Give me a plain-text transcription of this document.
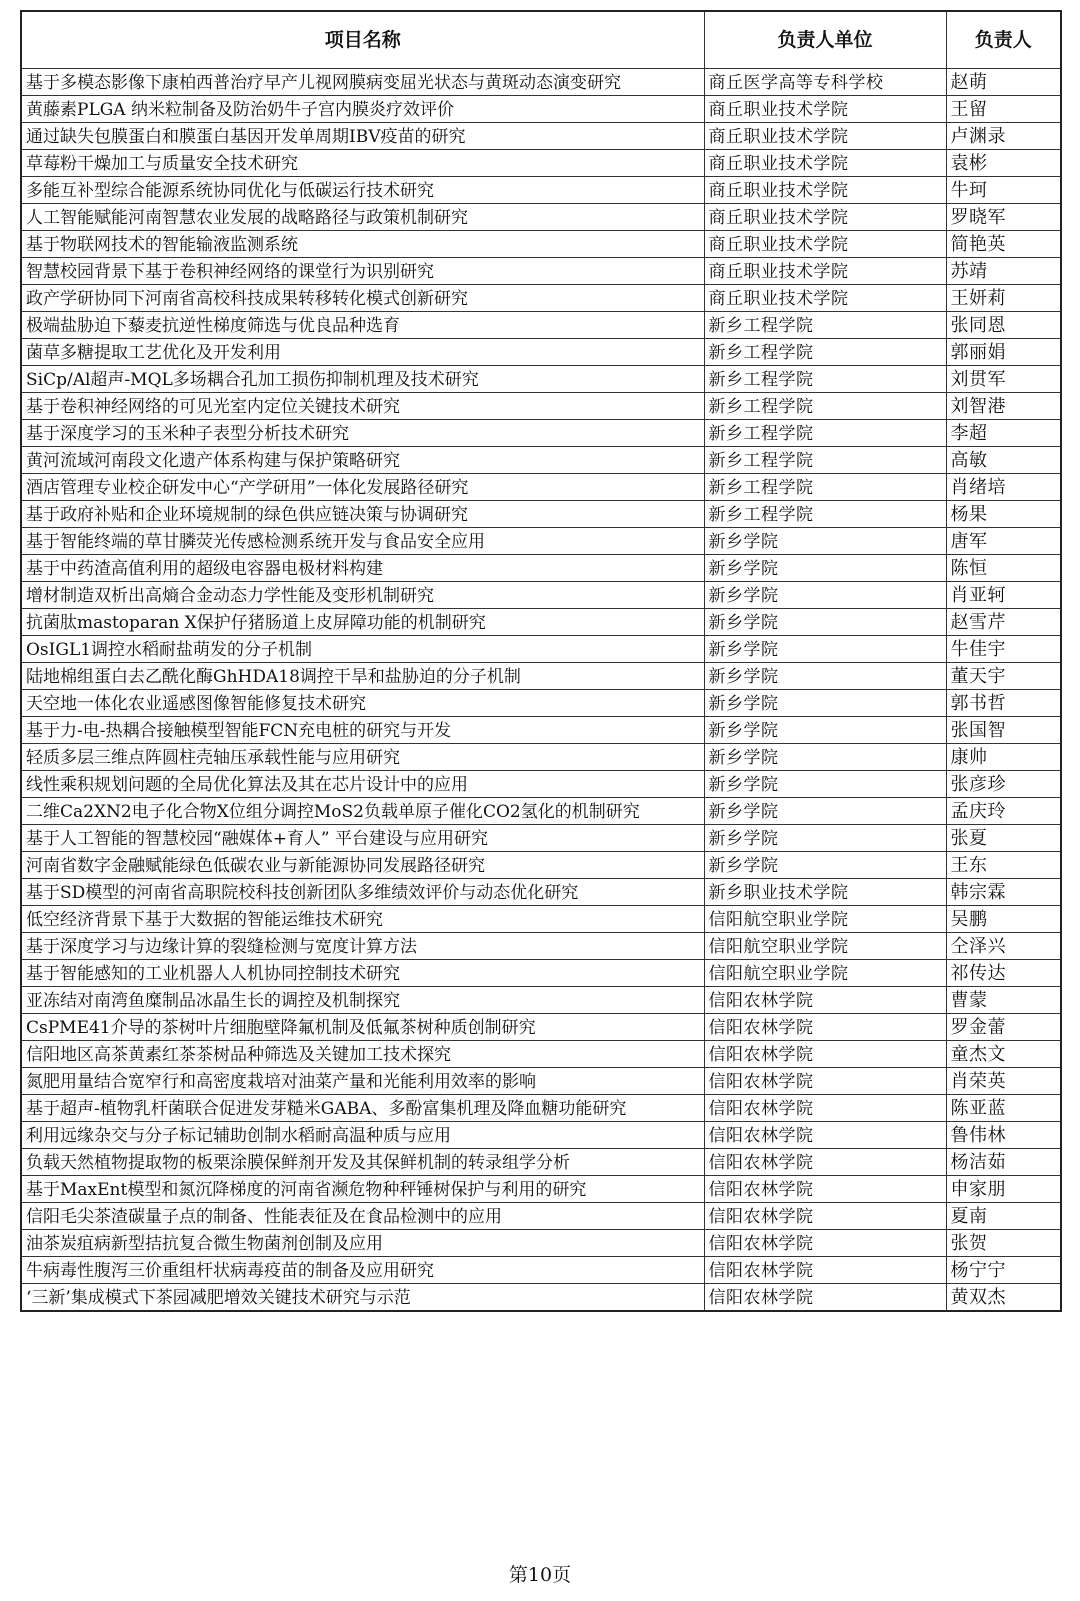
项目名称	负责人单位	负责人
基于多模态影像下康柏西普治疗早产儿视网膜病变屈光状态与黄斑动态演变研究	商丘医学高等专科学校	赵萌
黄藤素PLGA 纳米粒制备及防治奶牛子宫内膜炎疗效评价	商丘职业技术学院	王留
通过缺失包膜蛋白和膜蛋白基因开发单周期IBV疫苗的研究	商丘职业技术学院	卢渊录
草莓粉干燥加工与质量安全技术研究	商丘职业技术学院	袁彬
多能互补型综合能源系统协同优化与低碳运行技术研究	商丘职业技术学院	牛珂
人工智能赋能河南智慧农业发展的战略路径与政策机制研究	商丘职业技术学院	罗晓军
基于物联网技术的智能输液监测系统	商丘职业技术学院	简艳英
智慧校园背景下基于卷积神经网络的课堂行为识别研究	商丘职业技术学院	苏靖
政产学研协同下河南省高校科技成果转移转化模式创新研究	商丘职业技术学院	王妍莉
极端盐胁迫下藜麦抗逆性梯度筛选与优良品种选育	新乡工程学院	张同恩
菌草多糖提取工艺优化及开发利用	新乡工程学院	郭丽娟
SiCp/Al超声-MQL多场耦合孔加工损伤抑制机理及技术研究	新乡工程学院	刘贯军
基于卷积神经网络的可见光室内定位关键技术研究	新乡工程学院	刘智港
基于深度学习的玉米种子表型分析技术研究	新乡工程学院	李超
黄河流域河南段文化遗产体系构建与保护策略研究	新乡工程学院	高敏
酒店管理专业校企研发中心“产学研用”一体化发展路径研究	新乡工程学院	肖绪培
基于政府补贴和企业环境规制的绿色供应链决策与协调研究	新乡工程学院	杨果
基于智能终端的草甘膦荧光传感检测系统开发与食品安全应用	新乡学院	唐军
基于中药渣高值利用的超级电容器电极材料构建	新乡学院	陈恒
增材制造双析出高熵合金动态力学性能及变形机制研究	新乡学院	肖亚轲
抗菌肽mastoparan X保护仔猪肠道上皮屏障功能的机制研究	新乡学院	赵雪芹
OsIGL1调控水稻耐盐萌发的分子机制	新乡学院	牛佳宇
陆地棉组蛋白去乙酰化酶GhHDA18调控干旱和盐胁迫的分子机制	新乡学院	董天宇
天空地一体化农业遥感图像智能修复技术研究	新乡学院	郭书哲
基于力-电-热耦合接触模型智能FCN充电桩的研究与开发	新乡学院	张国智
轻质多层三维点阵圆柱壳轴压承载性能与应用研究	新乡学院	康帅
线性乘积规划问题的全局优化算法及其在芯片设计中的应用	新乡学院	张彦珍
二维Ca2XN2电子化合物X位组分调控MoS2负载单原子催化CO2氢化的机制研究	新乡学院	孟庆玲
基于人工智能的智慧校园“融媒体+育人” 平台建设与应用研究	新乡学院	张夏
河南省数字金融赋能绿色低碳农业与新能源协同发展路径研究	新乡学院	王东
基于SD模型的河南省高职院校科技创新团队多维绩效评价与动态优化研究	新乡职业技术学院	韩宗霖
低空经济背景下基于大数据的智能运维技术研究	信阳航空职业学院	吴鹏
基于深度学习与边缘计算的裂缝检测与宽度计算方法	信阳航空职业学院	仝泽兴
基于智能感知的工业机器人人机协同控制技术研究	信阳航空职业学院	祁传达
亚冻结对南湾鱼糜制品冰晶生长的调控及机制探究	信阳农林学院	曹蒙
CsPME41介导的茶树叶片细胞壁降氟机制及低氟茶树种质创制研究	信阳农林学院	罗金蕾
信阳地区高茶黄素红茶茶树品种筛选及关键加工技术探究	信阳农林学院	童杰文
氮肥用量结合宽窄行和高密度栽培对油菜产量和光能利用效率的影响	信阳农林学院	肖荣英
基于超声-植物乳杆菌联合促进发芽糙米GABA、多酚富集机理及降血糖功能研究	信阳农林学院	陈亚蓝
利用远缘杂交与分子标记辅助创制水稻耐高温种质与应用	信阳农林学院	鲁伟林
负载天然植物提取物的板栗涂膜保鲜剂开发及其保鲜机制的转录组学分析	信阳农林学院	杨洁茹
基于MaxEnt模型和氮沉降梯度的河南省濒危物种秤锤树保护与利用的研究	信阳农林学院	申家朋
信阳毛尖茶渣碳量子点的制备、性能表征及在食品检测中的应用	信阳农林学院	夏南
油茶炭疽病新型拮抗复合微生物菌剂创制及应用	信阳农林学院	张贺
牛病毒性腹泻三价重组杆状病毒疫苗的制备及应用研究	信阳农林学院	杨宁宁
‘三新’集成模式下茶园减肥增效关键技术研究与示范	信阳农林学院	黄双杰
第10页
